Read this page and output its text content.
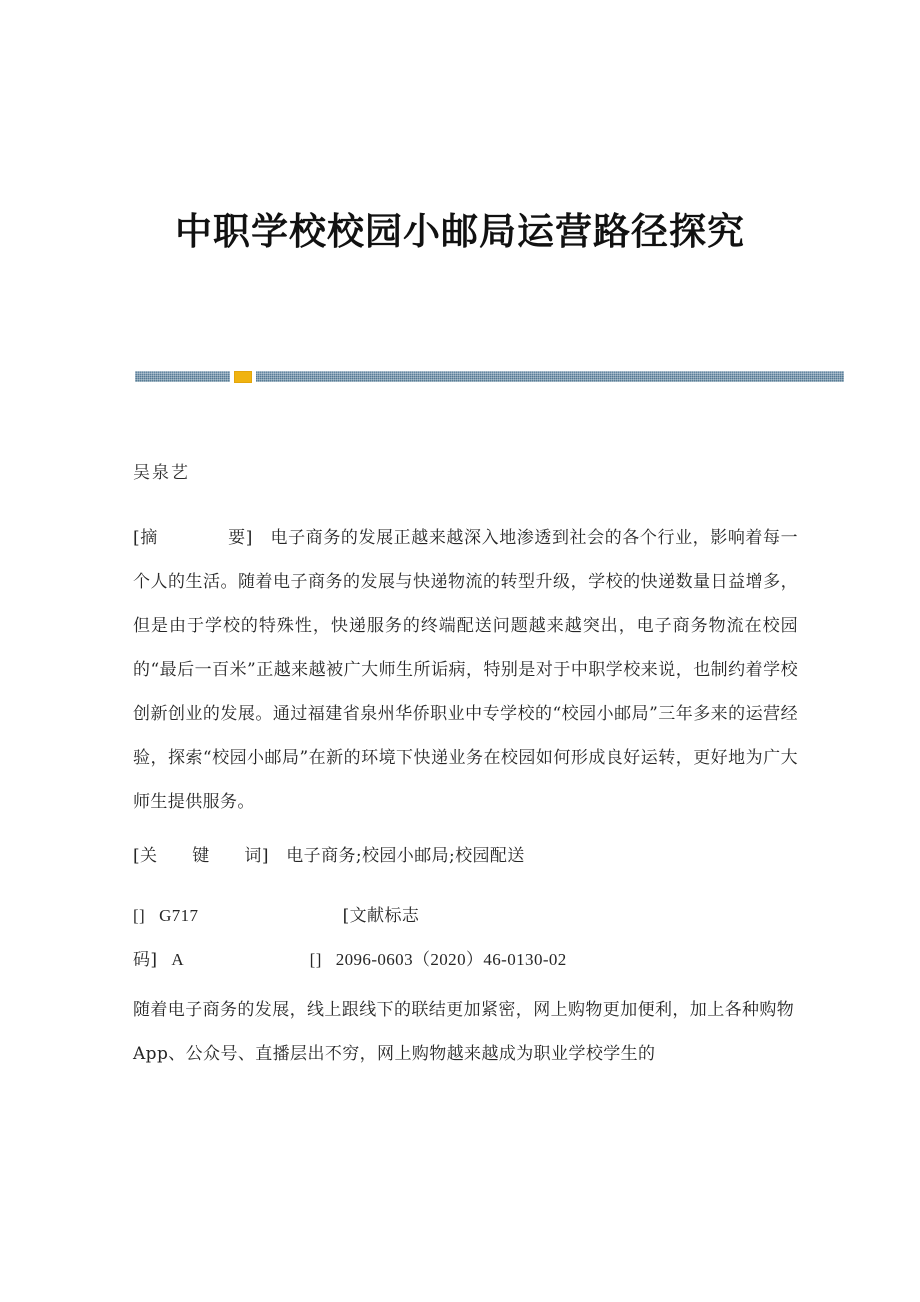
中职学校校园小邮局运营路径探究

吴泉艺

[摘　　　　要]　电子商务的发展正越来越深入地渗透到社会的各个行业，影响着每一个人的生活。随着电子商务的发展与快递物流的转型升级，学校的快递数量日益增多，但是由于学校的特殊性，快递服务的终端配送问题越来越突出，电子商务物流在校园的“最后一百米”正越来越被广大师生所诟病，特别是对于中职学校来说，也制约着学校创新创业的发展。通过福建省泉州华侨职业中专学校的“校园小邮局”三年多来的运营经验，探索“校园小邮局”在新的环境下快递业务在校园如何形成良好运转，更好地为广大师生提供服务。

[关　　键　　词]　电子商务;校园小邮局;校园配送

[] G717	[文献标志

码] A	[] 2096-0603（2020）46-0130-02

随着电子商务的发展，线上跟线下的联结更加紧密，网上购物更加便利，加上各种购物 App、公众号、直播层出不穷，网上购物越来越成为职业学校学生的
